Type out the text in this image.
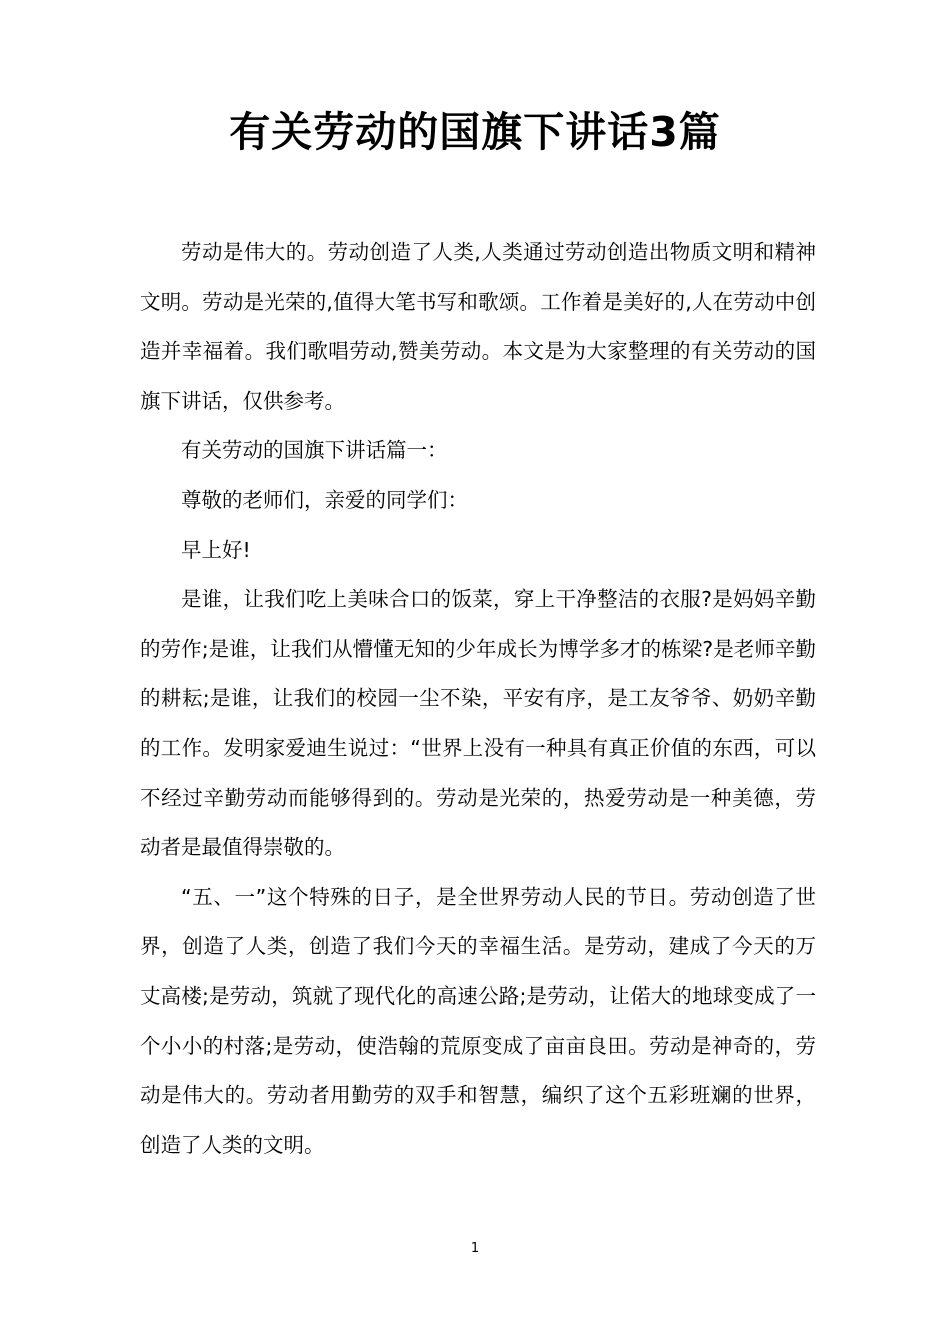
有关劳动的国旗下讲话3篇

劳动是伟大的。劳动创造了人类,人类通过劳动创造出物质文明和精神文明。劳动是光荣的,值得大笔书写和歌颂。工作着是美好的,人在劳动中创造并幸福着。我们歌唱劳动,赞美劳动。本文是为大家整理的有关劳动的国旗下讲话，仅供参考。

有关劳动的国旗下讲话篇一：

尊敬的老师们，亲爱的同学们：

早上好!

是谁，让我们吃上美味合口的饭菜，穿上干净整洁的衣服?是妈妈辛勤的劳作;是谁，让我们从懵懂无知的少年成长为博学多才的栋梁?是老师辛勤的耕耘;是谁，让我们的校园一尘不染，平安有序，是工友爷爷、奶奶辛勤的工作。发明家爱迪生说过：“世界上没有一种具有真正价值的东西，可以不经过辛勤劳动而能够得到的。劳动是光荣的，热爱劳动是一种美德，劳动者是最值得崇敬的。

“五、一”这个特殊的日子，是全世界劳动人民的节日。劳动创造了世界，创造了人类，创造了我们今天的幸福生活。是劳动，建成了今天的万丈高楼;是劳动，筑就了现代化的高速公路;是劳动，让偌大的地球变成了一个小小的村落;是劳动，使浩翰的荒原变成了亩亩良田。劳动是神奇的，劳动是伟大的。劳动者用勤劳的双手和智慧，编织了这个五彩班斓的世界，创造了人类的文明。

1
